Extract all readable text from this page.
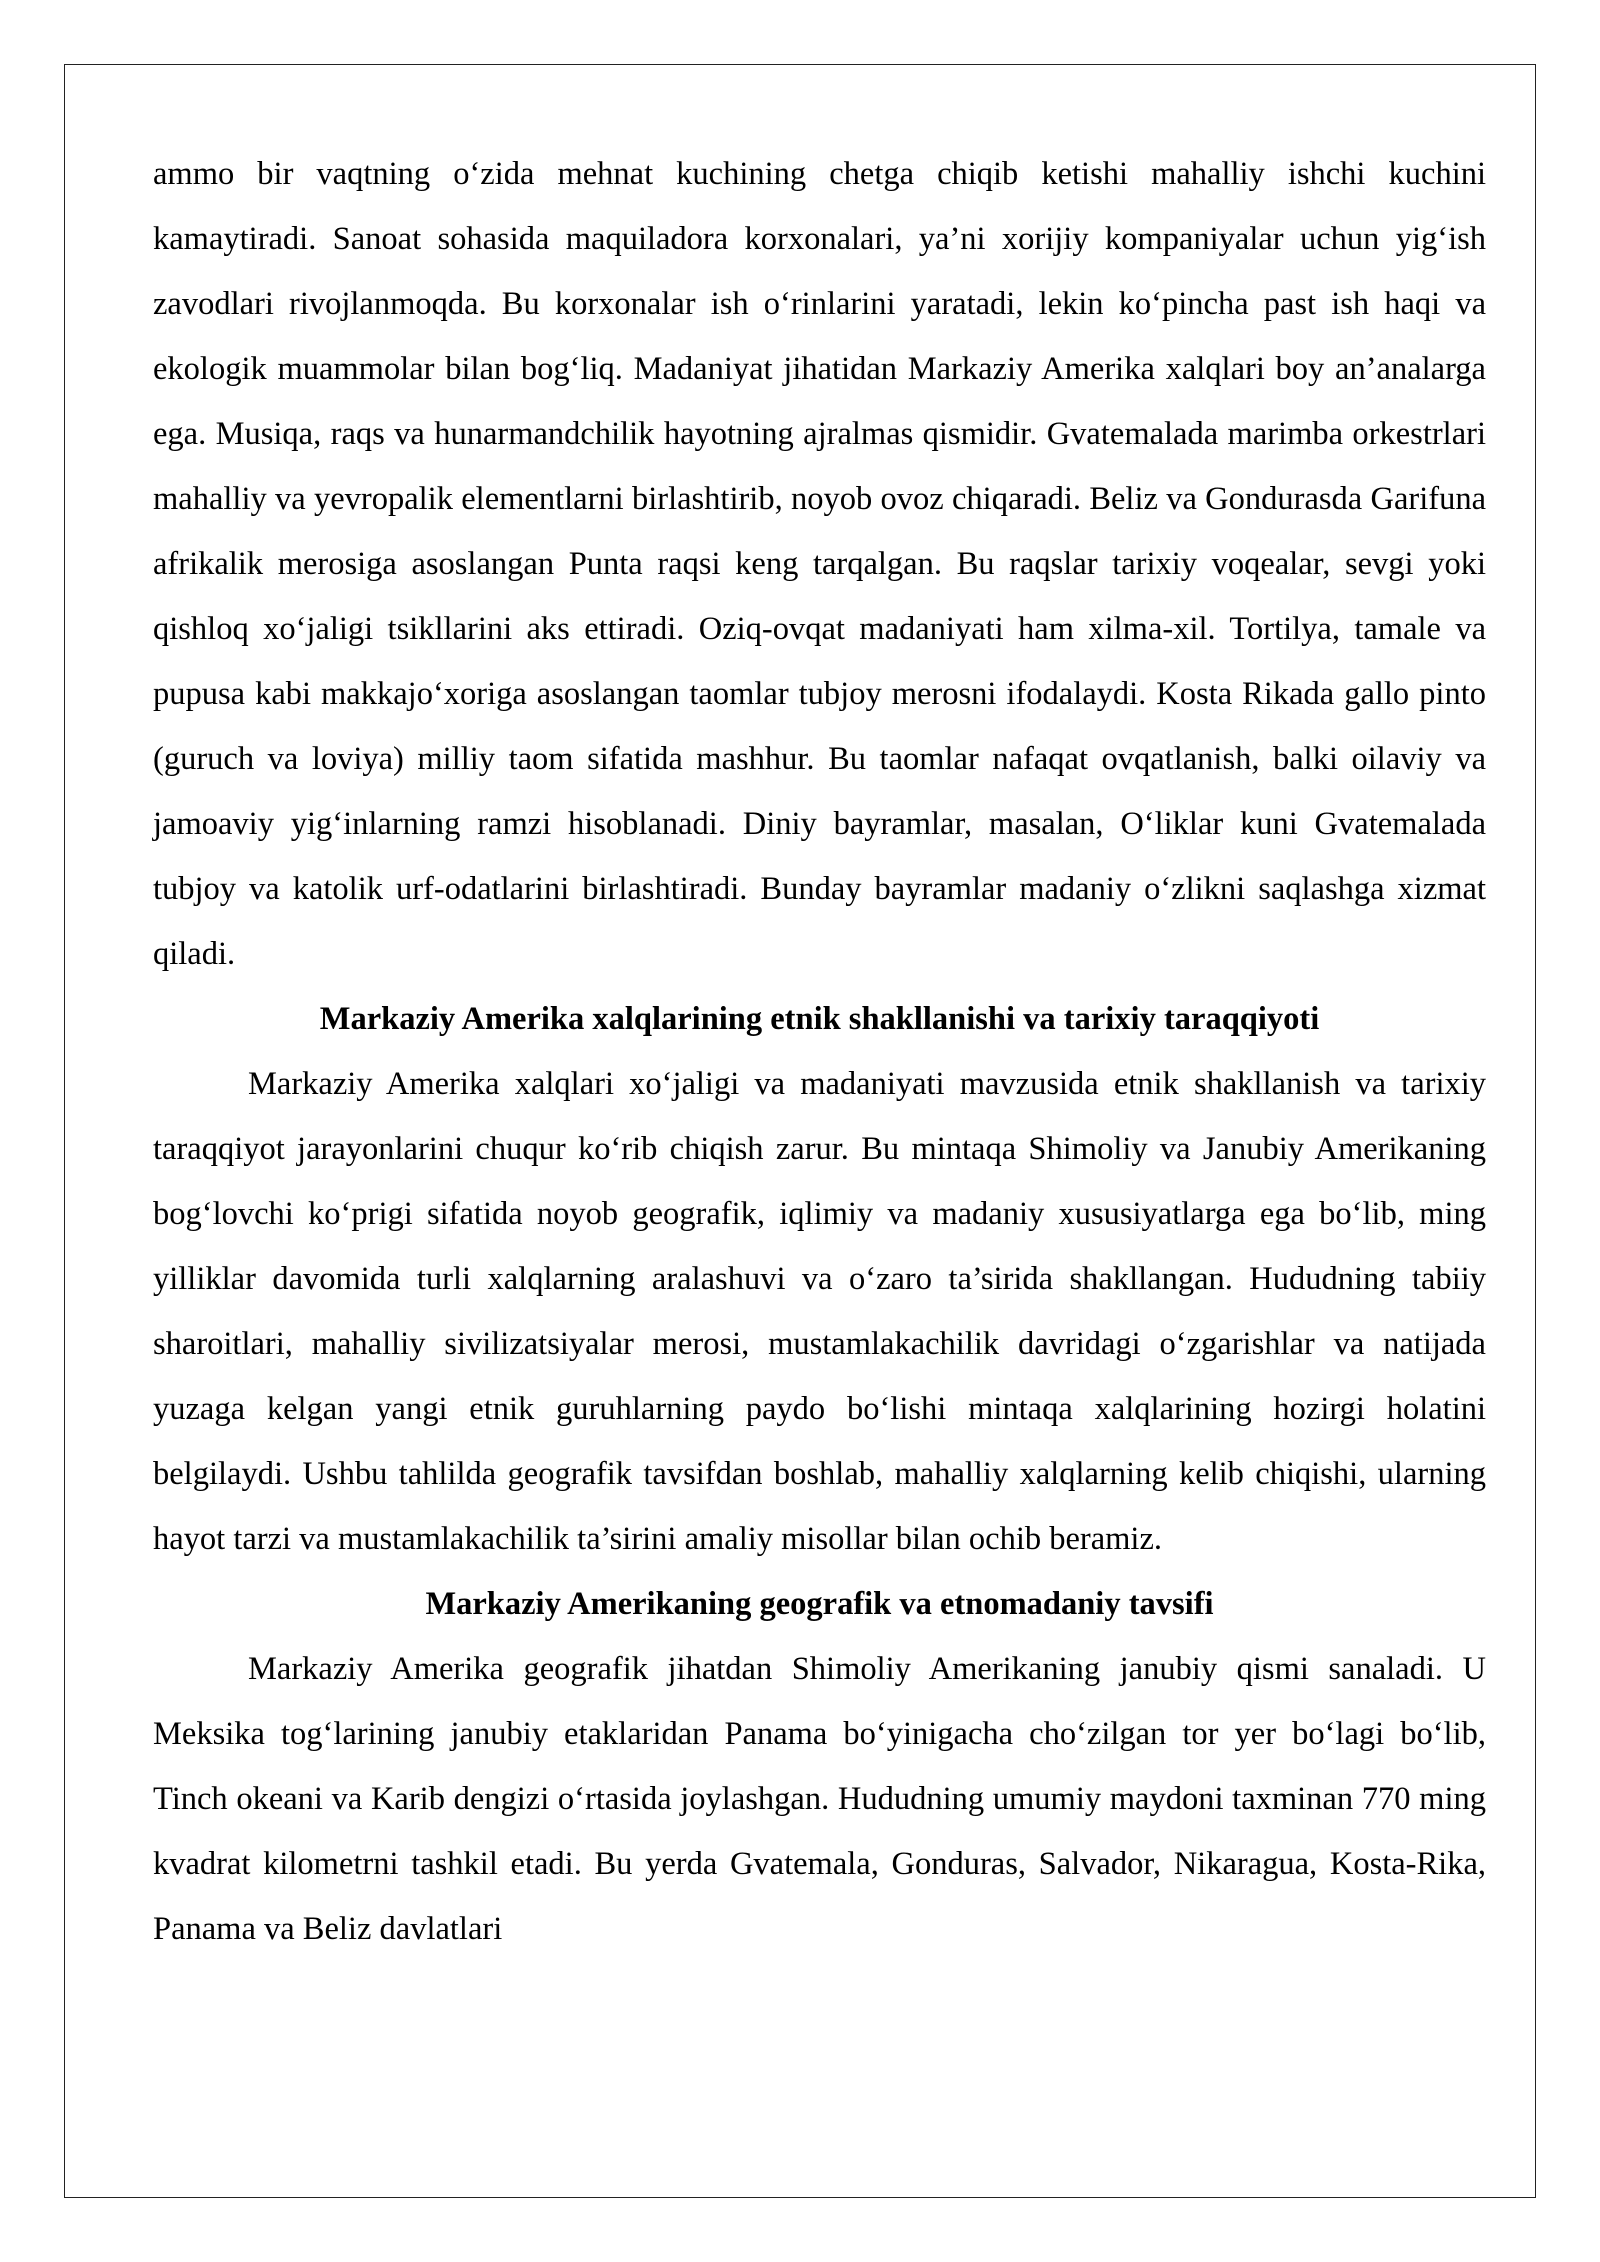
ammo bir vaqtning o‘zida mehnat kuchining chetga chiqib ketishi mahalliy ishchi kuchini kamaytiradi. Sanoat sohasida maquiladora korxonalari, ya’ni xorijiy kompaniyalar uchun yig‘ish zavodlari rivojlanmoqda. Bu korxonalar ish o‘rinlarini yaratadi, lekin ko‘pincha past ish haqi va ekologik muammolar bilan bog‘liq. Madaniyat jihatidan Markaziy Amerika xalqlari boy an’analarga ega. Musiqa, raqs va hunarmandchilik hayotning ajralmas qismidir. Gvatemalada marimba orkestrlari mahalliy va yevropalik elementlarni birlashtirib, noyob ovoz chiqaradi. Beliz va Gondurasda Garifuna afrikalik merosiga asoslangan Punta raqsi keng tarqalgan. Bu raqslar tarixiy voqealar, sevgi yoki qishloq xo‘jaligi tsikllarini aks ettiradi. Oziq-ovqat madaniyati ham xilma-xil. Tortilya, tamale va pupusa kabi makkajo‘xoriga asoslangan taomlar tubjoy merosni ifodalaydi. Kosta Rikada gallo pinto (guruch va loviya) milliy taom sifatida mashhur. Bu taomlar nafaqat ovqatlanish, balki oilaviy va jamoaviy yig‘inlarning ramzi hisoblanadi. Diniy bayramlar, masalan, O‘liklar kuni Gvatemalada tubjoy va katolik urf-odatlarini birlashtiradi. Bunday bayramlar madaniy o‘zlikni saqlashga xizmat qiladi.

Markaziy Amerika xalqlarining etnik shakllanishi va tarixiy taraqqiyoti

Markaziy Amerika xalqlari xo‘jaligi va madaniyati mavzusida etnik shakllanish va tarixiy taraqqiyot jarayonlarini chuqur ko‘rib chiqish zarur. Bu mintaqa Shimoliy va Janubiy Amerikaning bog‘lovchi ko‘prigi sifatida noyob geografik, iqlimiy va madaniy xususiyatlarga ega bo‘lib, ming yilliklar davomida turli xalqlarning aralashuvi va o‘zaro ta’sirida shakllangan. Hududning tabiiy sharoitlari, mahalliy sivilizatsiyalar merosi, mustamlakachilik davridagi o‘zgarishlar va natijada yuzaga kelgan yangi etnik guruhlarning paydo bo‘lishi mintaqa xalqlarining hozirgi holatini belgilaydi. Ushbu tahlilda geografik tavsifdan boshlab, mahalliy xalqlarning kelib chiqishi, ularning hayot tarzi va mustamlakachilik ta’sirini amaliy misollar bilan ochib beramiz.

Markaziy Amerikaning geografik va etnomadaniy tavsifi

Markaziy Amerika geografik jihatdan Shimoliy Amerikaning janubiy qismi sanaladi. U Meksika tog‘larining janubiy etaklaridan Panama bo‘yinigacha cho‘zilgan tor yer bo‘lagi bo‘lib, Tinch okeani va Karib dengizi o‘rtasida joylashgan. Hududning umumiy maydoni taxminan 770 ming kvadrat kilometrni tashkil etadi. Bu yerda Gvatemala, Gonduras, Salvador, Nikaragua, Kosta-Rika, Panama va Beliz davlatlari
